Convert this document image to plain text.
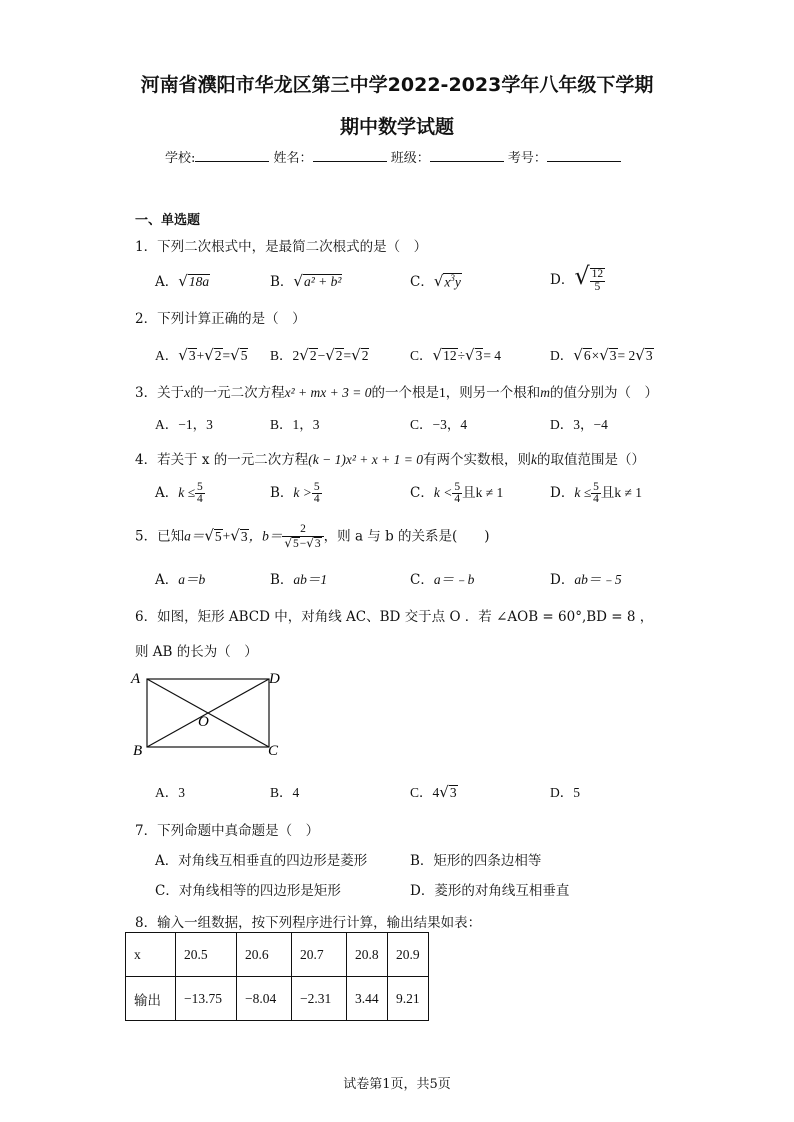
河南省濮阳市华龙区第三中学2022-2023学年八年级下学期
期中数学试题
学校:	姓名：	班级：	考号：
一、单选题
1．下列二次根式中，是最简二次根式的是（　）
A．√18a	B．√a² + b²	C．$√x^3y$	D．√ $\frac{12}{5}$
2．下列计算正确的是（　）
A．√3+√2=√5 B．2√2−√2=√2	C．√12÷√3= 4	D．√6×√3= 2√3
3．关于x的一元二次方程x² + mx + 3 = 0的一个根是1，则另一个根和m的值分别为（　）
A．−1，3	B．1，3	C．−3，4	D．3，−4
4．若关于 x 的一元二次方程(k − 1)x² + x + 1 = 0有两个实数根，则k的取值范围是（）
A．$k \le \frac{5}{4}$	B．$k > \frac{5}{4}$	C．$k < \frac{5}{4}$ 且k ≠ 1	D．$k \le \frac{5}{4}$ 且k ≠ 1
5．已知a＝√5+√3，$b= \frac{2}{√5-√3}$ ，则 a 与 b 的关系是(　　)
A．a＝b	B．ab＝1	C．a＝﹣b	D．ab＝﹣5
6．如图，矩形 ABCD 中，对角线 AC、BD 交于点 O ．若 ∠AOB = 60°,BD = 8 ，
则 AB 的长为（　）
A	D
B	C
O
A．3	B．4	C．4√3	D．5
7．下列命题中真命题是（　）
A．对角线互相垂直的四边形是菱形	B．矩形的四条边相等
C．对角线相等的四边形是矩形	D．菱形的对角线互相垂直
8．输入一组数据，按下列程序进行计算，输出结果如表：
x	20.5	20.6	20.7	20.8	20.9
输出	−13.75	−8.04	−2.31	3.44	9.21
试卷第1页，共5页
